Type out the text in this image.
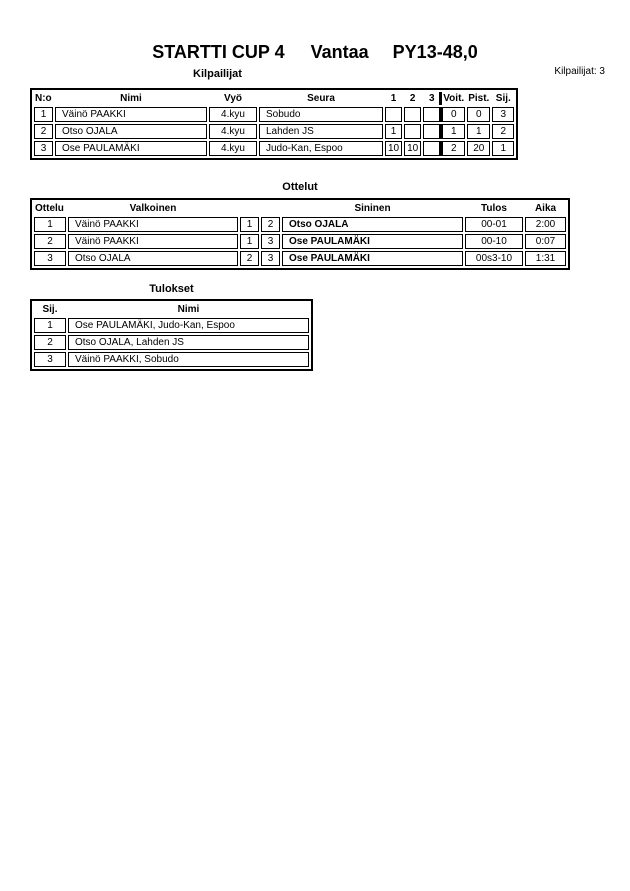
STARTTI CUP 4 Vantaa PY13-48,0
Kilpailijat	Kilpailijat: 3
N:o	Nimi	Vyö	Seura	1	2	3	Voit.	Pist.	Sij.
1	Väinö PAAKKI	4.kyu	Sobudo				0	0	3
2	Otso OJALA	4.kyu	Lahden JS	1			1	1	2
3	Ose PAULAMÄKI	4.kyu	Judo-Kan, Espoo	10	10		2	20	1
Ottelut
Ottelu	Valkoinen			Sininen	Tulos	Aika
1	Väinö PAAKKI	1	2	Otso OJALA	00-01	2:00
2	Väinö PAAKKI	1	3	Ose PAULAMÄKI	00-10	0:07
3	Otso OJALA	2	3	Ose PAULAMÄKI	00s3-10	1:31
Tulokset
Sij.	Nimi
1	Ose PAULAMÄKI, Judo-Kan, Espoo
2	Otso OJALA, Lahden JS
3	Väinö PAAKKI, Sobudo
